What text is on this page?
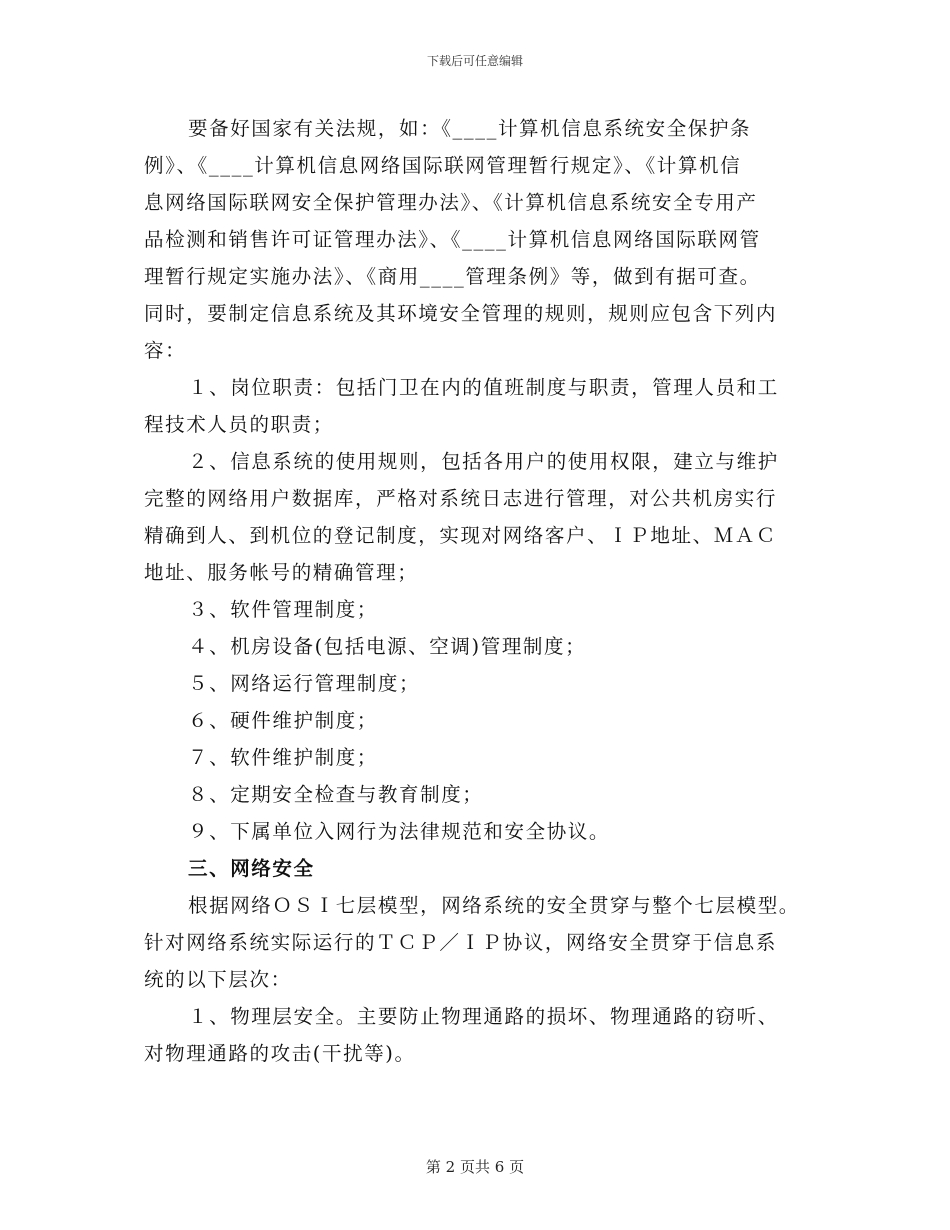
下载后可任意编辑
要备好国家有关法规，如：《____计算机信息系统安全保护条
例》、《____计算机信息网络国际联网管理暂行规定》、《计算机信
息网络国际联网安全保护管理办法》、《计算机信息系统安全专用产
品检测和销售许可证管理办法》、《____计算机信息网络国际联网管
理暂行规定实施办法》、《商用____管理条例》等，做到有据可查。
同时，要制定信息系统及其环境安全管理的规则，规则应包含下列内
容：
１、岗位职责：包括门卫在内的值班制度与职责，管理人员和工
程技术人员的职责；
２、信息系统的使用规则，包括各用户的使用权限，建立与维护
完整的网络用户数据库，严格对系统日志进行管理，对公共机房实行
精确到人、到机位的登记制度，实现对网络客户、ＩＰ地址、ＭＡＣ
地址、服务帐号的精确管理；
３、软件管理制度；
４、机房设备(包括电源、空调)管理制度；
５、网络运行管理制度；
６、硬件维护制度；
７、软件维护制度；
８、定期安全检查与教育制度；
９、下属单位入网行为法律规范和安全协议。
三、网络安全
根据网络ＯＳＩ七层模型，网络系统的安全贯穿与整个七层模型。
针对网络系统实际运行的ＴＣＰ／ＩＰ协议，网络安全贯穿于信息系
统的以下层次：
１、物理层安全。主要防止物理通路的损坏、物理通路的窃听、
对物理通路的攻击(干扰等)。
第 2 页共 6 页
